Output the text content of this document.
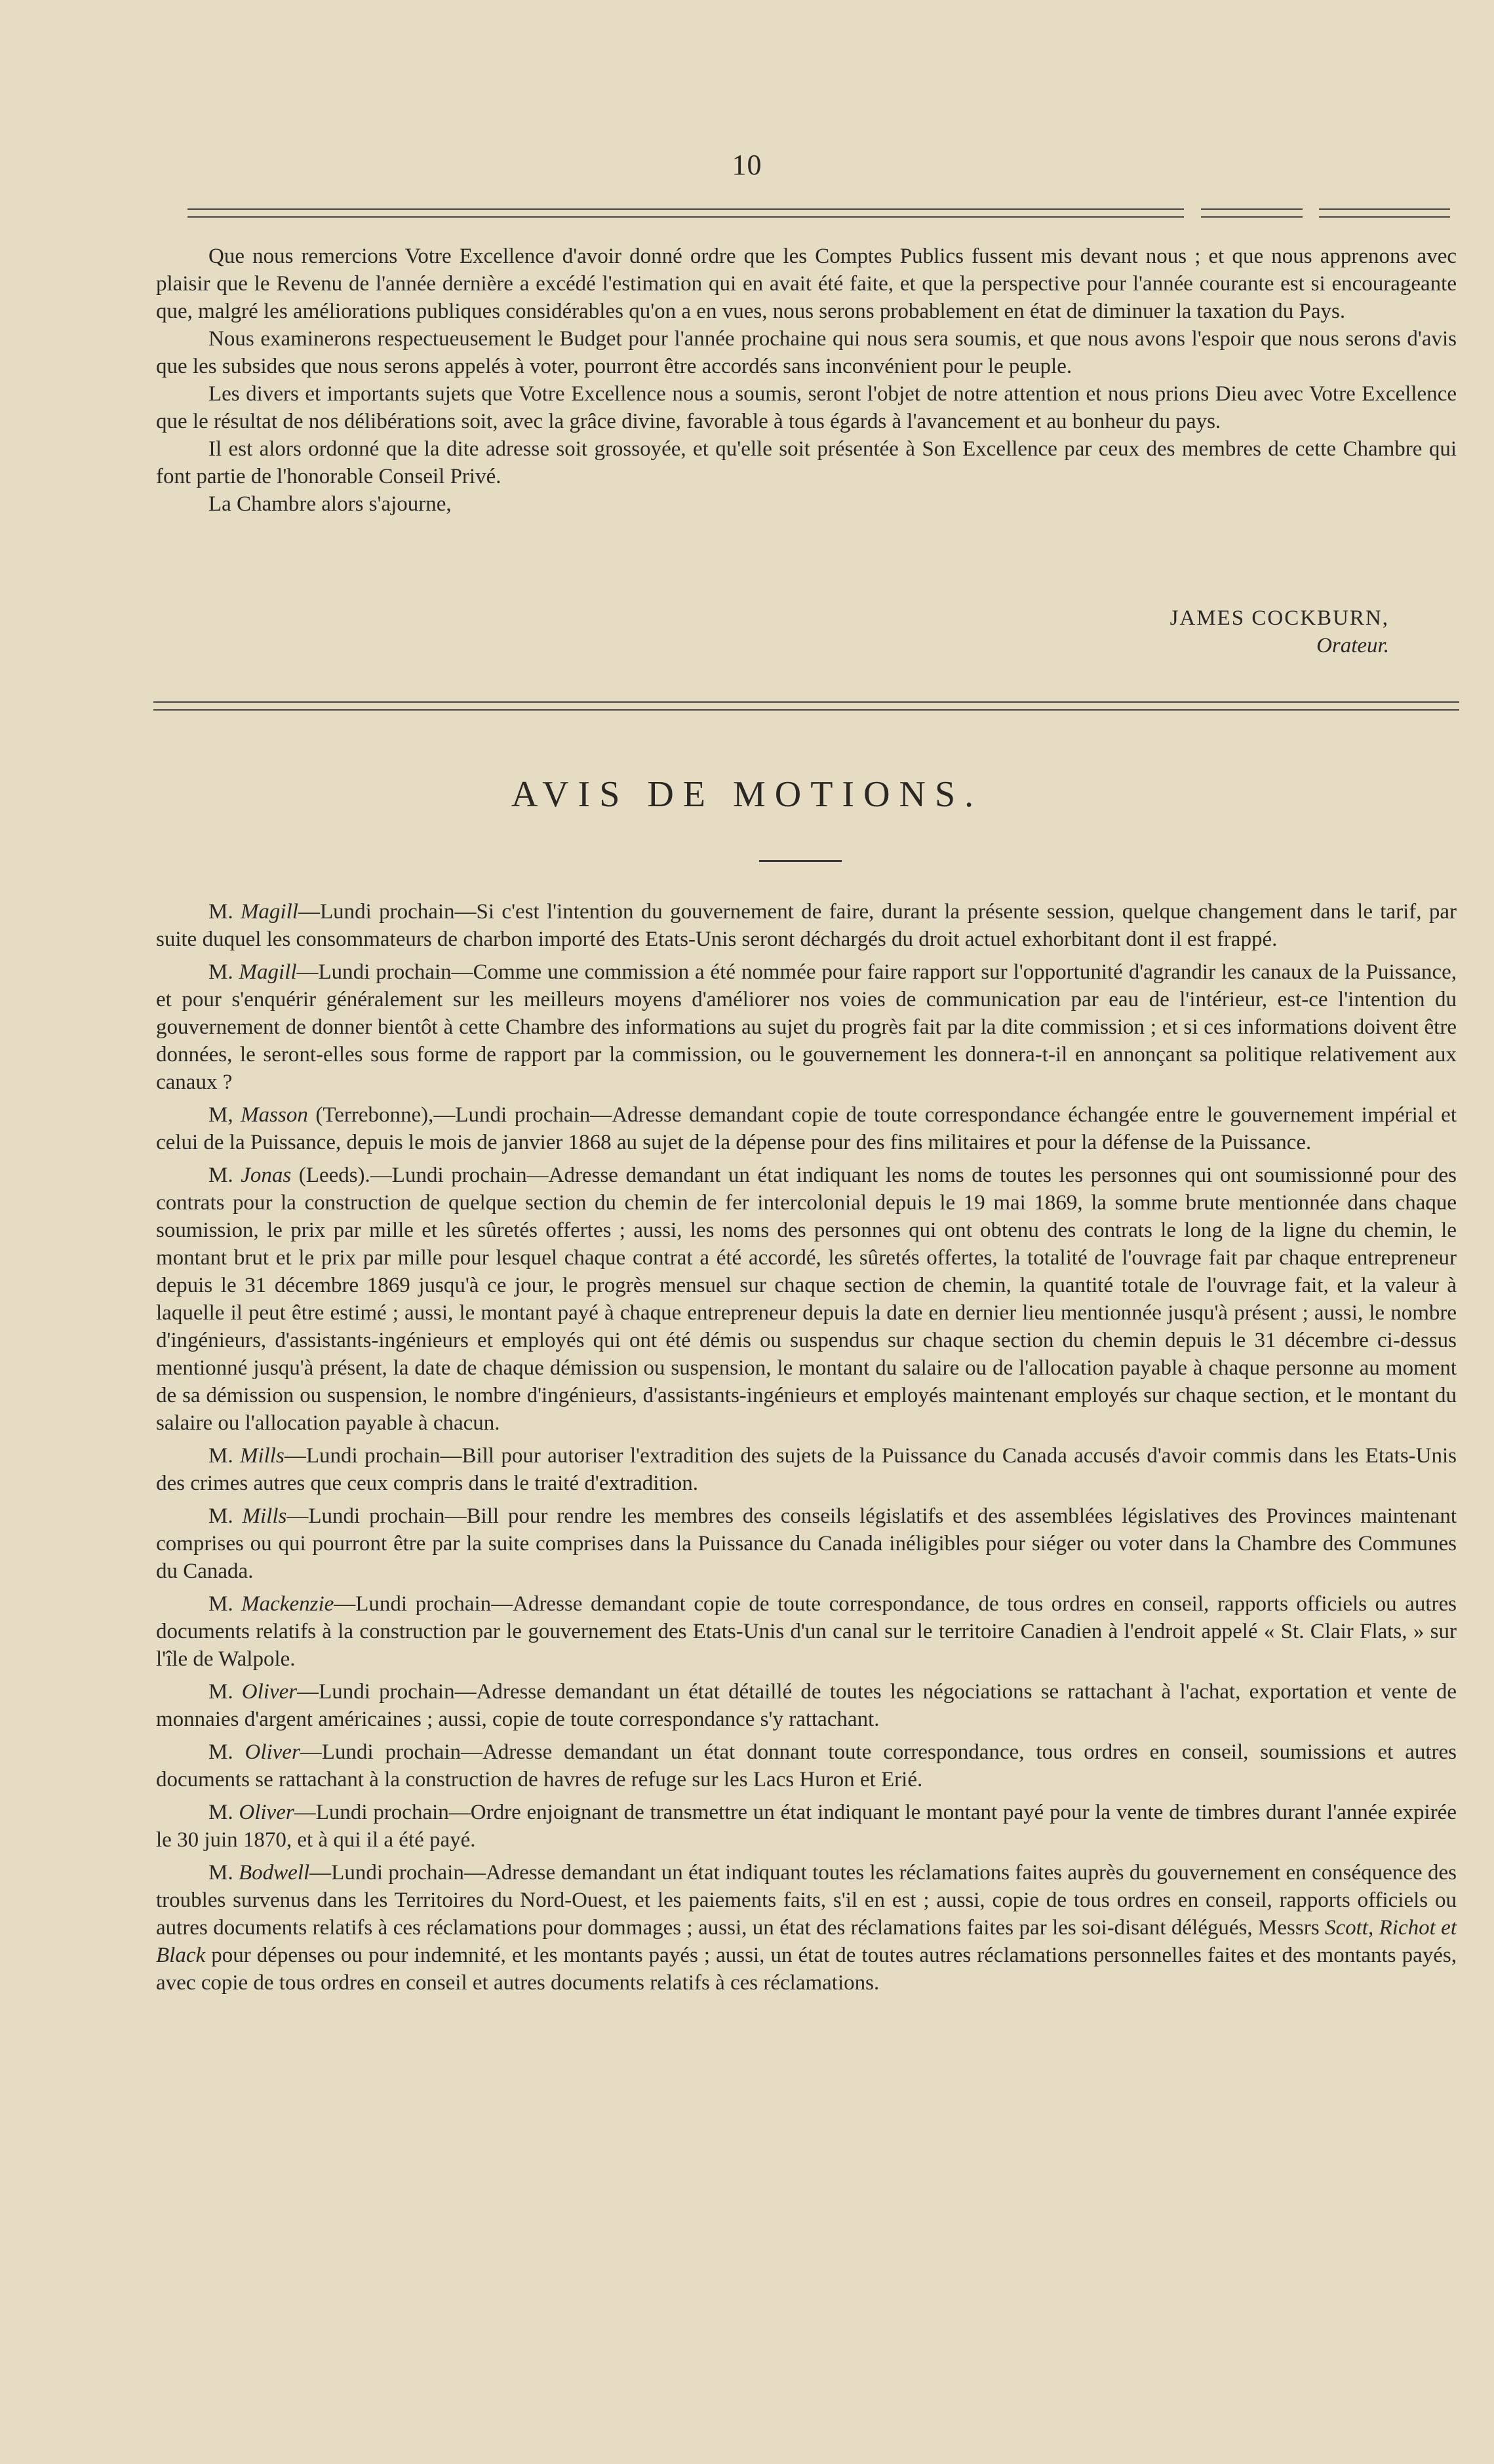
10

Que nous remercions Votre Excellence d'avoir donné ordre que les Comptes Publics fussent mis devant nous ; et que nous apprenons avec plaisir que le Revenu de l'année dernière a excédé l'estimation qui en avait été faite, et que la perspective pour l'année courante est si encourageante que, malgré les améliorations publiques considérables qu'on a en vues, nous serons probablement en état de diminuer la taxation du Pays.

Nous examinerons respectueusement le Budget pour l'année prochaine qui nous sera soumis, et que nous avons l'espoir que nous serons d'avis que les subsides que nous serons appelés à voter, pourront être accordés sans inconvénient pour le peuple.

Les divers et importants sujets que Votre Excellence nous a soumis, seront l'objet de notre attention et nous prions Dieu avec Votre Excellence que le résultat de nos délibérations soit, avec la grâce divine, favorable à tous égards à l'avancement et au bonheur du pays.

Il est alors ordonné que la dite adresse soit grossoyée, et qu'elle soit présentée à Son Excellence par ceux des membres de cette Chambre qui font partie de l'honorable Conseil Privé.

La Chambre alors s'ajourne,

JAMES COCKBURN,
Orateur.
AVIS DE MOTIONS.

M. Magill—Lundi prochain—Si c'est l'intention du gouvernement de faire, durant la présente session, quelque changement dans le tarif, par suite duquel les consommateurs de charbon importé des Etats-Unis seront déchargés du droit actuel exhorbitant dont il est frappé.

M. Magill—Lundi prochain—Comme une commission a été nommée pour faire rapport sur l'opportunité d'agrandir les canaux de la Puissance, et pour s'enquérir généralement sur les meilleurs moyens d'améliorer nos voies de communication par eau de l'intérieur, est-ce l'intention du gouvernement de donner bientôt à cette Chambre des informations au sujet du progrès fait par la dite commission ; et si ces informations doivent être données, le seront-elles sous forme de rapport par la commission, ou le gouvernement les donnera-t-il en annonçant sa politique relativement aux canaux ?

M, Masson (Terrebonne),—Lundi prochain—Adresse demandant copie de toute correspondance échangée entre le gouvernement impérial et celui de la Puissance, depuis le mois de janvier 1868 au sujet de la dépense pour des fins militaires et pour la défense de la Puissance.

M. Jonas (Leeds).—Lundi prochain—Adresse demandant un état indiquant les noms de toutes les personnes qui ont soumissionné pour des contrats pour la construction de quelque section du chemin de fer intercolonial depuis le 19 mai 1869, la somme brute mentionnée dans chaque soumission, le prix par mille et les sûretés offertes ; aussi, les noms des personnes qui ont obtenu des contrats le long de la ligne du chemin, le montant brut et le prix par mille pour lesquel chaque contrat a été accordé, les sûretés offertes, la totalité de l'ouvrage fait par chaque entrepreneur depuis le 31 décembre 1869 jusqu'à ce jour, le progrès mensuel sur chaque section de chemin, la quantité totale de l'ouvrage fait, et la valeur à laquelle il peut être estimé ; aussi, le montant payé à chaque entrepreneur depuis la date en dernier lieu mentionnée jusqu'à présent ; aussi, le nombre d'ingénieurs, d'assistants-ingénieurs et employés qui ont été démis ou suspendus sur chaque section du chemin depuis le 31 décembre ci-dessus mentionné jusqu'à présent, la date de chaque démission ou suspension, le montant du salaire ou de l'allocation payable à chaque personne au moment de sa démission ou suspension, le nombre d'ingénieurs, d'assistants-ingénieurs et employés maintenant employés sur chaque section, et le montant du salaire ou l'allocation payable à chacun.

M. Mills—Lundi prochain—Bill pour autoriser l'extradition des sujets de la Puissance du Canada accusés d'avoir commis dans les Etats-Unis des crimes autres que ceux compris dans le traité d'extradition.

M. Mills—Lundi prochain—Bill pour rendre les membres des conseils législatifs et des assemblées législatives des Provinces maintenant comprises ou qui pourront être par la suite comprises dans la Puissance du Canada inéligibles pour siéger ou voter dans la Chambre des Communes du Canada.

M. Mackenzie—Lundi prochain—Adresse demandant copie de toute correspondance, de tous ordres en conseil, rapports officiels ou autres documents relatifs à la construction par le gouvernement des Etats-Unis d'un canal sur le territoire Canadien à l'endroit appelé « St. Clair Flats, » sur l'île de Walpole.

M. Oliver—Lundi prochain—Adresse demandant un état détaillé de toutes les négociations se rattachant à l'achat, exportation et vente de monnaies d'argent américaines ; aussi, copie de toute correspondance s'y rattachant.

M. Oliver—Lundi prochain—Adresse demandant un état donnant toute correspondance, tous ordres en conseil, soumissions et autres documents se rattachant à la construction de havres de refuge sur les Lacs Huron et Erié.

M. Oliver—Lundi prochain—Ordre enjoignant de transmettre un état indiquant le montant payé pour la vente de timbres durant l'année expirée le 30 juin 1870, et à qui il a été payé.

M. Bodwell—Lundi prochain—Adresse demandant un état indiquant toutes les réclamations faites auprès du gouvernement en conséquence des troubles survenus dans les Territoires du Nord-Ouest, et les paiements faits, s'il en est ; aussi, copie de tous ordres en conseil, rapports officiels ou autres documents relatifs à ces réclamations pour dommages ; aussi, un état des réclamations faites par les soi-disant délégués, Messrs Scott, Richot et Black pour dépenses ou pour indemnité, et les montants payés ; aussi, un état de toutes autres réclamations personnelles faites et des montants payés, avec copie de tous ordres en conseil et autres documents relatifs à ces réclamations.
